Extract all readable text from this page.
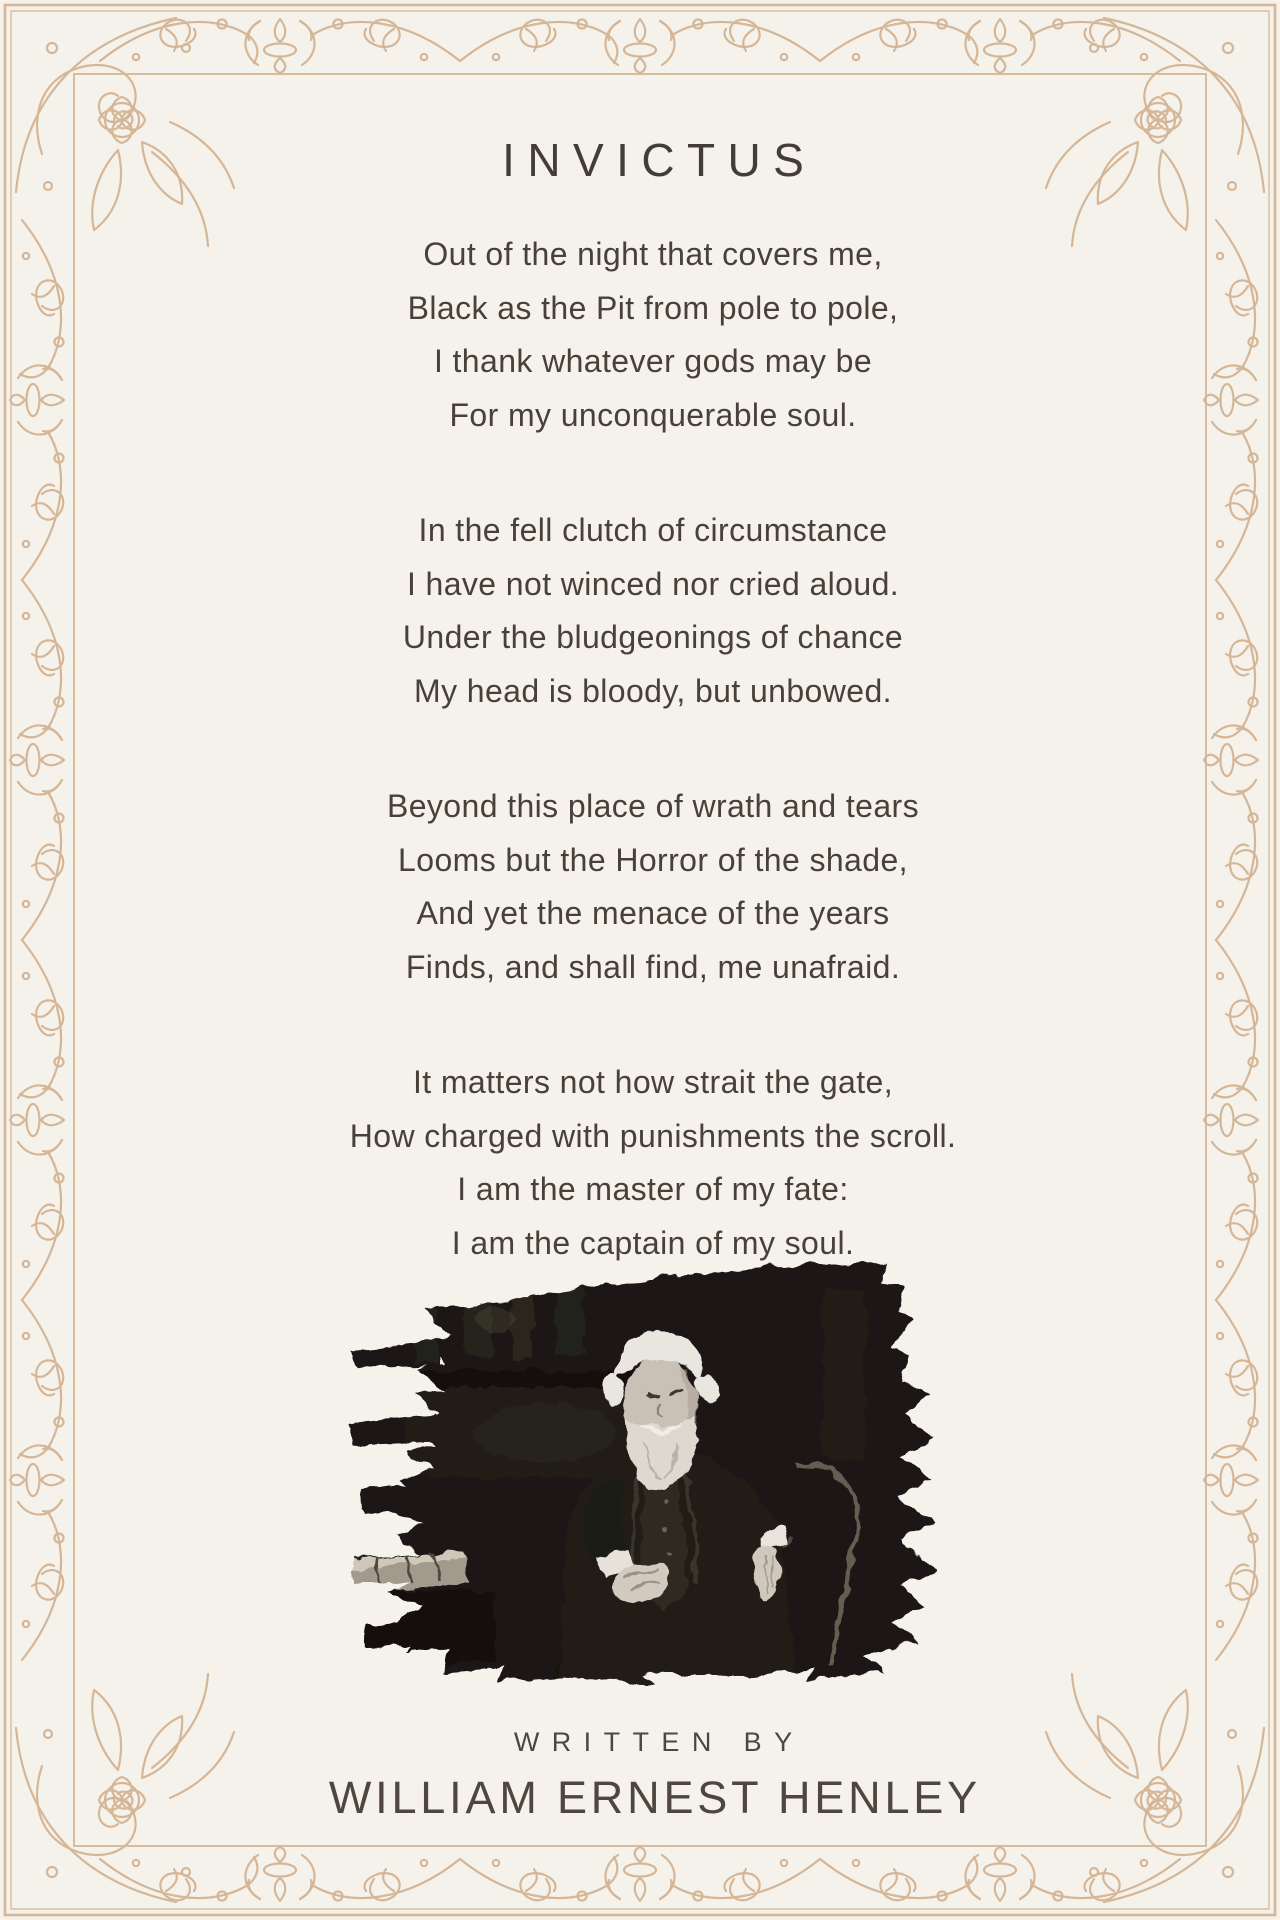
INVICTUS
Out of the night that covers me,
Black as the Pit from pole to pole,
I thank whatever gods may be
For my unconquerable soul.
In the fell clutch of circumstance
I have not winced nor cried aloud.
Under the bludgeonings of chance
My head is bloody, but unbowed.
Beyond this place of wrath and tears
Looms but the Horror of the shade,
And yet the menace of the years
Finds, and shall find, me unafraid.
It matters not how strait the gate,
How charged with punishments the scroll.
I am the master of my fate:
I am the captain of my soul.
WRITTEN BY
WILLIAM ERNEST HENLEY
